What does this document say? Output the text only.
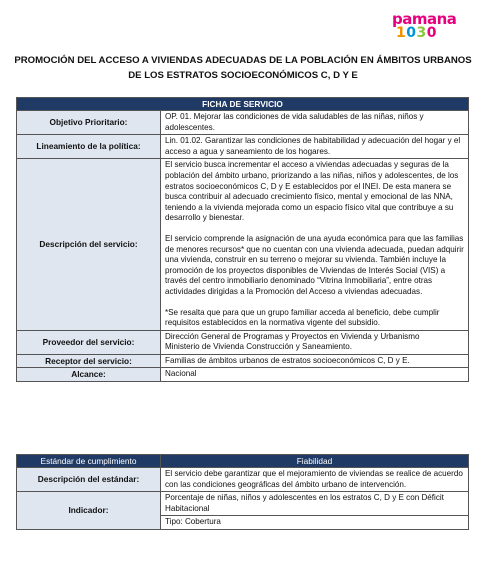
pamana
1030
PROMOCIÓN DEL ACCESO A VIVIENDAS ADECUADAS DE LA POBLACIÓN EN ÁMBITOS URBANOS DE LOS ESTRATOS SOCIOECONÓMICOS C, D Y E
FICHA DE SERVICIO	
Objetivo Prioritario:	OP. 01. Mejorar las condiciones de vida saludables de las niñas, niños y adolescentes.
Lineamiento de la política:	Lin. 01.02. Garantizar las condiciones de habitabilidad y adecuación del hogar y el acceso a agua y saneamiento de los hogares.
Descripción del servicio:	El servicio busca incrementar el acceso a viviendas adecuadas y seguras de la población del ámbito urbano, priorizando a las niñas, niños y adolescentes, de los estratos socioeconómicos C, D y E establecidos por el INEI. De esta manera se busca contribuir al adecuado crecimiento físico, mental y emocional de las NNA, teniendo a la vivienda mejorada como un espacio físico vital que contribuye a su desarrollo y bienestar.

El servicio comprende la asignación de una ayuda económica para que las familias de menores recursos* que no cuentan con una vivienda adecuada, puedan adquirir una vivienda, construir en su terreno o mejorar su vivienda. También incluye la promoción de los proyectos disponibles de Viviendas de Interés Social (VIS) a través del centro inmobiliario denominado “Vitrina Inmobiliaria”, entre otras actividades dirigidas a la Promoción del Acceso a viviendas adecuadas.

*Se resalta que para que un grupo familiar acceda al beneficio, debe cumplir requisitos establecidos en la normativa vigente del subsidio.

Proveedor del servicio:	Dirección General de Programas y Proyectos en Vivienda y Urbanismo
Ministerio de Vivienda Construcción y Saneamiento.

Receptor del servicio:	Familias de ámbitos urbanos de estratos socioeconómicos C, D y E.
Alcance:	Nacional
Estándar de cumplimiento	Fiabilidad
Descripción del estándar:	El servicio debe garantizar que el mejoramiento de viviendas se realice de acuerdo con las condiciones geográficas del ámbito urbano de intervención.
Indicador:	Porcentaje de niñas, niños y adolescentes en los estratos C, D y E con Déficit Habitacional
	Tipo: Cobertura
